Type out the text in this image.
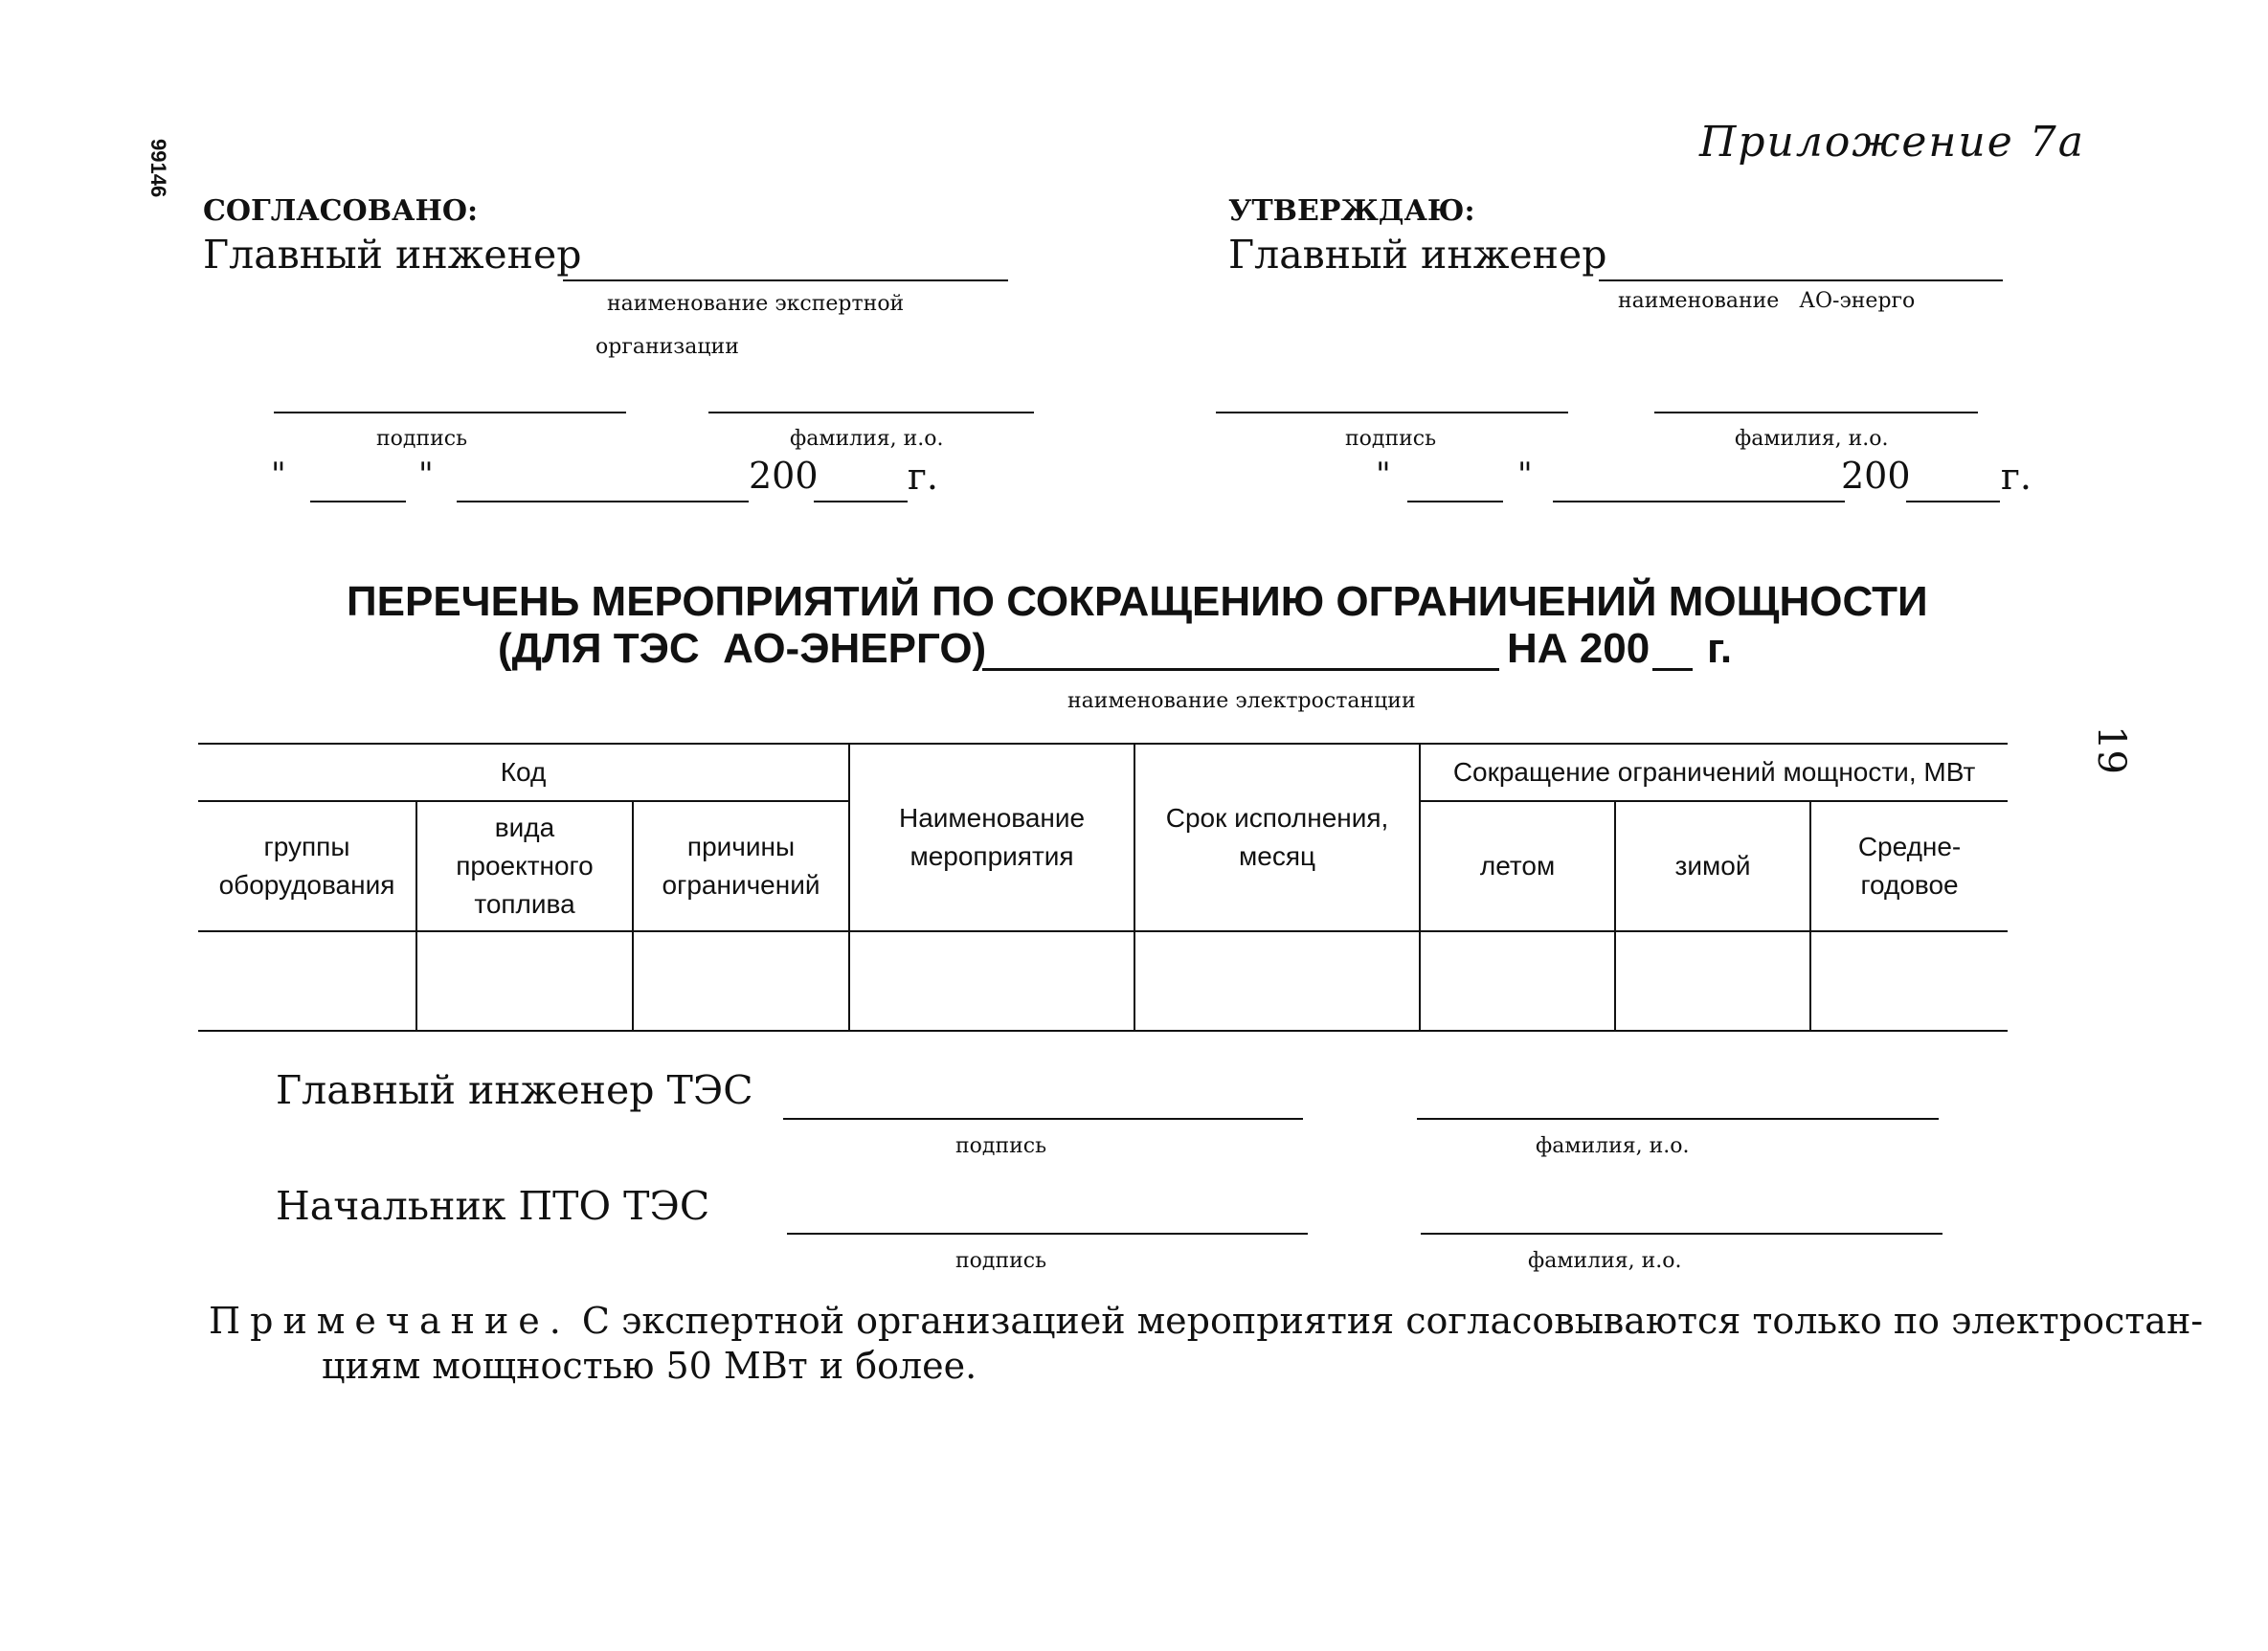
99146
19
Приложение 7а
СОГЛАСОВАНО:
Главный инженер
наименование экспертной
организации
подпись	фамилия, и.о.
"	"	200 г.
УТВЕРЖДАЮ:
Главный инженер
наименование   АО-энерго
подпись	фамилия, и.о.
"	"	200 г.
ПЕРЕЧЕНЬ МЕРОПРИЯТИЙ ПО СОКРАЩЕНИЮ ОГРАНИЧЕНИЙ МОЩНОСТИ
(ДЛЯ ТЭС  АО-ЭНЕРГО)	НА 200 г.
наименование электростанции
Код			Наименование мероприятия	Срок исполнения, месяц	Сокращение ограничений мощности, МВт		
группы оборудования	вида проектного топлива	причины ограничений			летом	зимой	Средне-годовое

Главный инженер ТЭС
подпись	фамилия, и.о.
Начальник ПТО ТЭС
подпись	фамилия, и.о.
Примечание. С экспертной организацией мероприятия согласовываются только по электростан-
циям мощностью 50 МВт и более.
